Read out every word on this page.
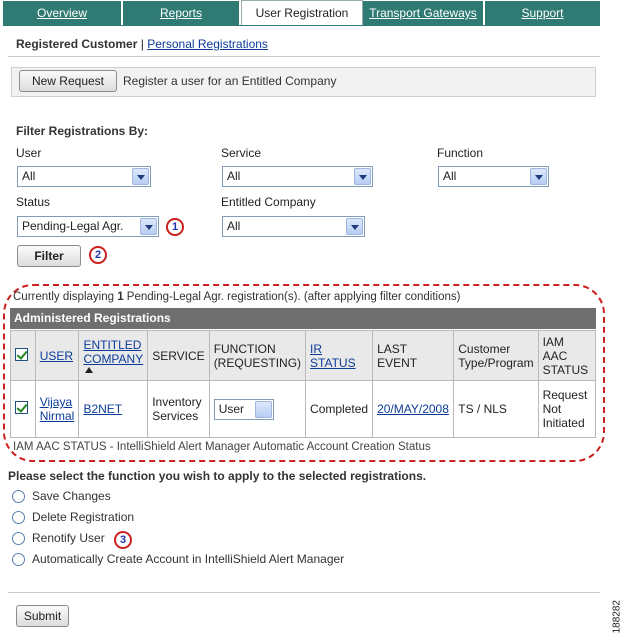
Overview	Reports	User Registration	Transport Gateways	Support
Registered Customer | Personal Registrations
New Request	Register a user for an Entitled Company
Filter Registrations By:
User
All
Service
All
Function
All
Status
Pending-Legal Agr.	1
Entitled Company
All
Filter	2
Currently displaying 1 Pending-Legal Agr. registration(s). (after applying filter conditions)
Administered Registrations
	USER	ENTITLED COMPANY	SERVICE	FUNCTION (REQUESTING)	IR STATUS	LAST EVENT	Customer Type/Program	IAM AAC STATUS
	Vijaya Nirmal	B2NET	Inventory Services	User	Completed	20/MAY/2008	TS / NLS	Request Not Initiated
IAM AAC STATUS - IntelliShield Alert Manager Automatic Account Creation Status
Please select the function you wish to apply to the selected registrations.
Save Changes
Delete Registration
Renotify User	3
Automatically Create Account in IntelliShield Alert Manager
Submit	188282
